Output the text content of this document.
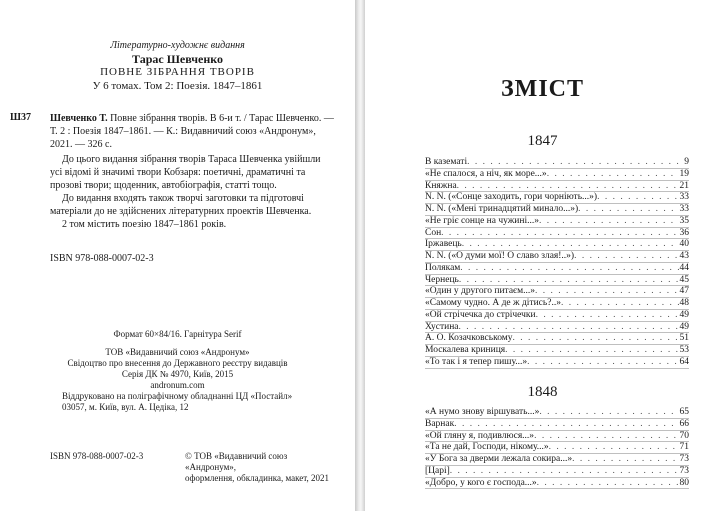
Літературно-художнє видання

Тарас Шевченко

ПОВНЕ ЗІБРАННЯ ТВОРІВ

У 6 томах. Том 2: Поезія. 1847–1861

Ш37 Шевченко Т. Повне зібрання творів. В 6-и т. / Тарас Шевченко. —
Т. 2 : Поезія 1847–1861. — К.: Видавничий союз «Андронум»,
2021. — 326 с.

До цього видання зібрання творів Тараса Шевченка увійшли усі відомі й значимі твори Кобзаря: поетичні, драматичні та прозові твори; щоденник, автобіографія, статті тощо.

До видання входять також творчі заготовки та підготовчі матеріали до не здійснених літературних проектів Шевченка.

2 том містить поезію 1847–1861 років.

ISBN 978-088-0007-02-3

Формат 60×84/16. Гарнітура Serif

ТОВ «Видавничий союз «Андронум»
Свідоцтво про внесення до Державного реєстру видавців
Серія ДК № 4970, Київ, 2015
andronum.com
Віддруковано на поліграфічному обладнанні ЦД «Постайл»
03057, м. Київ, вул. А. Цедіка, 12

ISBN 978-088-0007-02-3	© ТОВ «Видавничий союз «Андронум»,
оформлення, обкладинка, макет, 2021

ЗМІСТ

1847

В казематі . . .	9
«Не спалося, а ніч, як море...» . . .	19
Княжна . . .	21
N. N. («Сонце заходить, гори чорніють...») . . .	33
N. N. («Мені тринадцятий минало...») . . .	33
«Не гріє сонце на чужині...» . . .	35
Сон . . .	36
Іржавець . . .	40
N. N. («О думи мої! О славо злая!..») . . .	43
Полякам . . .	44
Чернець . . .	45
«Один у другого питаєм...» . . .	47
«Самому чудно. А де ж дітись?..» . . .	48
«Ой стрічечка до стрічечки . . .	49
Хустина . . .	49
А. О. Козачковському . . .	51
Москалева криниця . . .	53
«То так і я тепер пишу...» . . .	64

1848

«А нумо знову віршувать...» . . .	65
Варнак . . .	66
«Ой гляну я, подивлюся...» . . .	70
«Та не дай, Господи, нікому...» . . .	71
«У Бога за дверми лежала сокира...» . . .	73
[Царі] . . .	73
«Добро, у кого є господа...» . . .	80
